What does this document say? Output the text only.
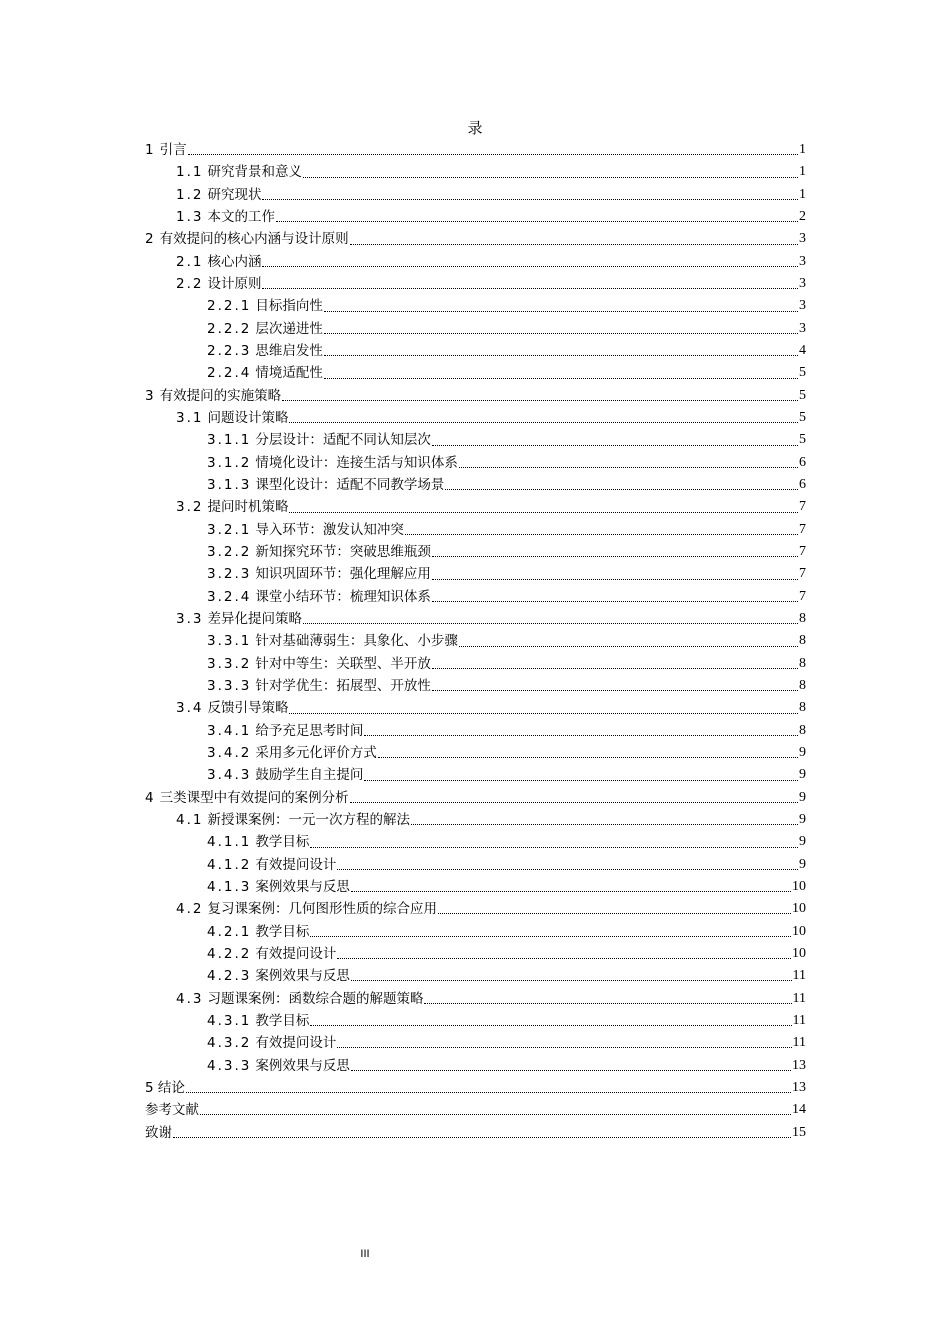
录
1 引言	1
1.1 研究背景和意义	1
1.2 研究现状	1
1.3 本文的工作	2
2 有效提问的核心内涵与设计原则	3
2.1 核心内涵	3
2.2 设计原则	3
2.2.1 目标指向性	3
2.2.2 层次递进性	3
2.2.3 思维启发性	4
2.2.4 情境适配性	5
3 有效提问的实施策略	5
3.1 问题设计策略	5
3.1.1 分层设计：适配不同认知层次	5
3.1.2 情境化设计：连接生活与知识体系	6
3.1.3 课型化设计：适配不同教学场景	6
3.2 提问时机策略	7
3.2.1 导入环节：激发认知冲突	7
3.2.2 新知探究环节：突破思维瓶颈	7
3.2.3 知识巩固环节：强化理解应用	7
3.2.4 课堂小结环节：梳理知识体系	7
3.3 差异化提问策略	8
3.3.1 针对基础薄弱生：具象化、小步骤	8
3.3.2 针对中等生：关联型、半开放	8
3.3.3 针对学优生：拓展型、开放性	8
3.4 反馈引导策略	8
3.4.1 给予充足思考时间	8
3.4.2 采用多元化评价方式	9
3.4.3 鼓励学生自主提问	9
4 三类课型中有效提问的案例分析	9
4.1 新授课案例：一元一次方程的解法	9
4.1.1 教学目标	9
4.1.2 有效提问设计	9
4.1.3 案例效果与反思	10
4.2 复习课案例：几何图形性质的综合应用	10
4.2.1 教学目标	10
4.2.2 有效提问设计	10
4.2.3 案例效果与反思	11
4.3 习题课案例：函数综合题的解题策略	11
4.3.1 教学目标	11
4.3.2 有效提问设计	11
4.3.3 案例效果与反思	13
5 结论	13
参考文献	14
致谢	15
III
